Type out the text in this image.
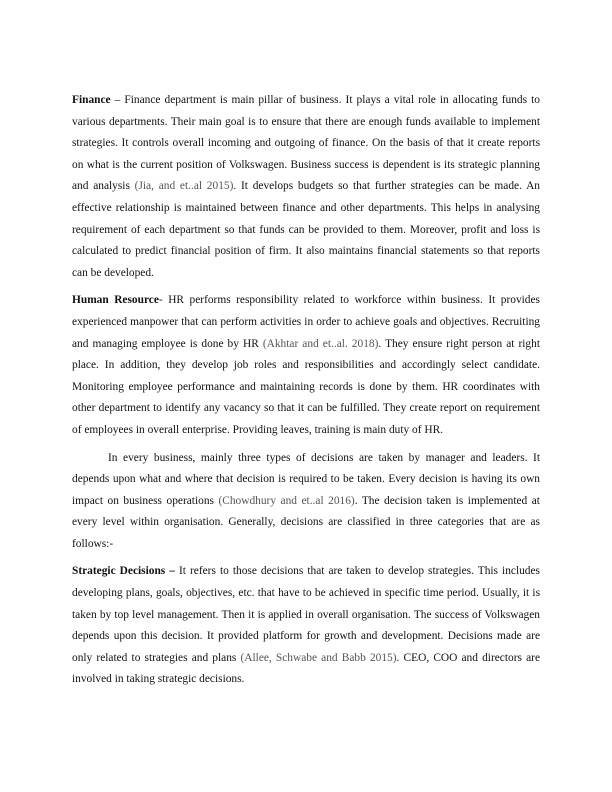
Finance – Finance department is main pillar of business. It plays a vital role in allocating funds to various departments. Their main goal is to ensure that there are enough funds available to implement strategies. It controls overall incoming and outgoing of finance. On the basis of that it create reports on what is the current position of Volkswagen. Business success is dependent is its strategic planning and analysis (Jia, and et..al 2015). It develops budgets so that further strategies can be made. An effective relationship is maintained between finance and other departments. This helps in analysing requirement of each department so that funds can be provided to them. Moreover, profit and loss is calculated to predict financial position of firm. It also maintains financial statements so that reports can be developed.

Human Resource- HR performs responsibility related to workforce within business. It provides experienced manpower that can perform activities in order to achieve goals and objectives. Recruiting and managing employee is done by HR (Akhtar and et..al. 2018). They ensure right person at right place. In addition, they develop job roles and responsibilities and accordingly select candidate. Monitoring employee performance and maintaining records is done by them. HR coordinates with other department to identify any vacancy so that it can be fulfilled. They create report on requirement of employees in overall enterprise. Providing leaves, training is main duty of HR.

In every business, mainly three types of decisions are taken by manager and leaders. It depends upon what and where that decision is required to be taken. Every decision is having its own impact on business operations (Chowdhury and et..al 2016). The decision taken is implemented at every level within organisation. Generally, decisions are classified in three categories that are as follows:-

Strategic Decisions – It refers to those decisions that are taken to develop strategies. This includes developing plans, goals, objectives, etc. that have to be achieved in specific time period. Usually, it is taken by top level management. Then it is applied in overall organisation. The success of Volkswagen depends upon this decision. It provided platform for growth and development. Decisions made are only related to strategies and plans (Allee, Schwabe and Babb 2015). CEO, COO and directors are involved in taking strategic decisions.
